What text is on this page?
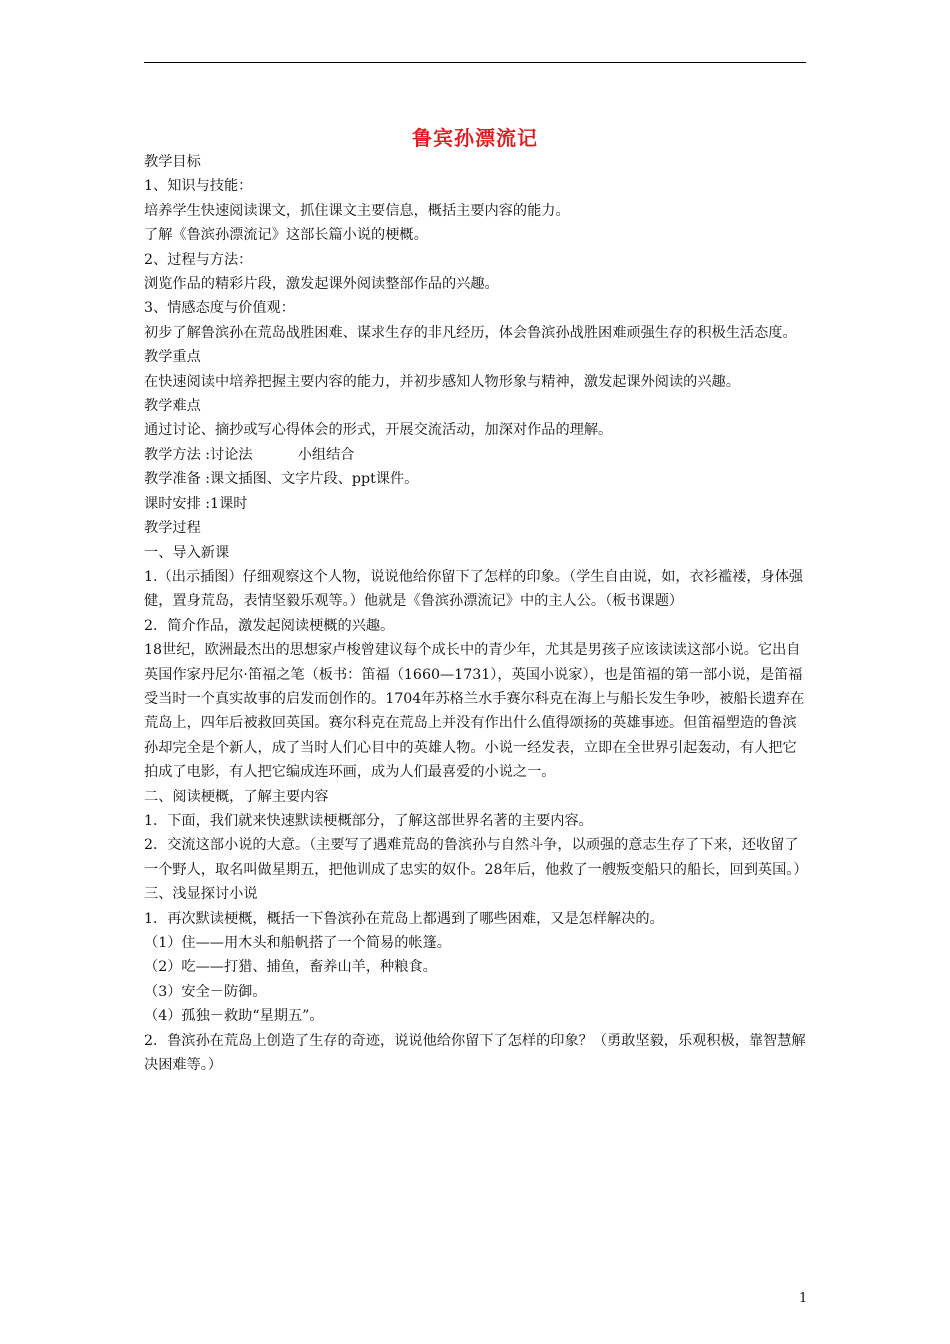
鲁宾孙漂流记

教学目标

1、知识与技能：

培养学生快速阅读课文，抓住课文主要信息，概括主要内容的能力。

了解《鲁滨孙漂流记》这部长篇小说的梗概。

2、过程与方法：

浏览作品的精彩片段，激发起课外阅读整部作品的兴趣。

3、情感态度与价值观：

初步了解鲁滨孙在荒岛战胜困难、谋求生存的非凡经历，体会鲁滨孙战胜困难顽强生存的积极生活态度。

教学重点

在快速阅读中培养把握主要内容的能力，并初步感知人物形象与精神，激发起课外阅读的兴趣。

教学难点

通过讨论、摘抄或写心得体会的形式，开展交流活动，加深对作品的理解。

教学方法 :讨论法          小组结合

教学准备 :课文插图、文字片段、ppt课件。

课时安排 :1课时

教学过程

一、导入新课

1.（出示插图）仔细观察这个人物，说说他给你留下了怎样的印象。（学生自由说，如，衣衫褴褛，身体强健，置身荒岛，表情坚毅乐观等。）他就是《鲁滨孙漂流记》中的主人公。（板书课题）

2．简介作品，激发起阅读梗概的兴趣。

18世纪，欧洲最杰出的思想家卢梭曾建议每个成长中的青少年，尤其是男孩子应该读读这部小说。它出自英国作家丹尼尔·笛福之笔（板书：笛福（1660—1731），英国小说家），也是笛福的第一部小说，是笛福受当时一个真实故事的启发而创作的。1704年苏格兰水手赛尔科克在海上与船长发生争吵，被船长遗弃在荒岛上，四年后被救回英国。赛尔科克在荒岛上并没有作出什么值得颂扬的英雄事迹。但笛福塑造的鲁滨孙却完全是个新人，成了当时人们心目中的英雄人物。小说一经发表，立即在全世界引起轰动，有人把它拍成了电影，有人把它编成连环画，成为人们最喜爱的小说之一。

二、阅读梗概，了解主要内容

1．下面，我们就来快速默读梗概部分，了解这部世界名著的主要内容。

2．交流这部小说的大意。（主要写了遇难荒岛的鲁滨孙与自然斗争，以顽强的意志生存了下来，还收留了一个野人，取名叫做星期五，把他训成了忠实的奴仆。28年后，他救了一艘叛变船只的船长，回到英国。）

三、浅显探讨小说

1．再次默读梗概，概括一下鲁滨孙在荒岛上都遇到了哪些困难，又是怎样解决的。

（1）住——用木头和船帆搭了一个简易的帐篷。

（2）吃——打猎、捕鱼，畜养山羊，种粮食。

（3）安全－防御。

（4）孤独－救助“星期五”。

2．鲁滨孙在荒岛上创造了生存的奇迹，说说他给你留下了怎样的印象？（勇敢坚毅，乐观积极，靠智慧解决困难等。）

1
